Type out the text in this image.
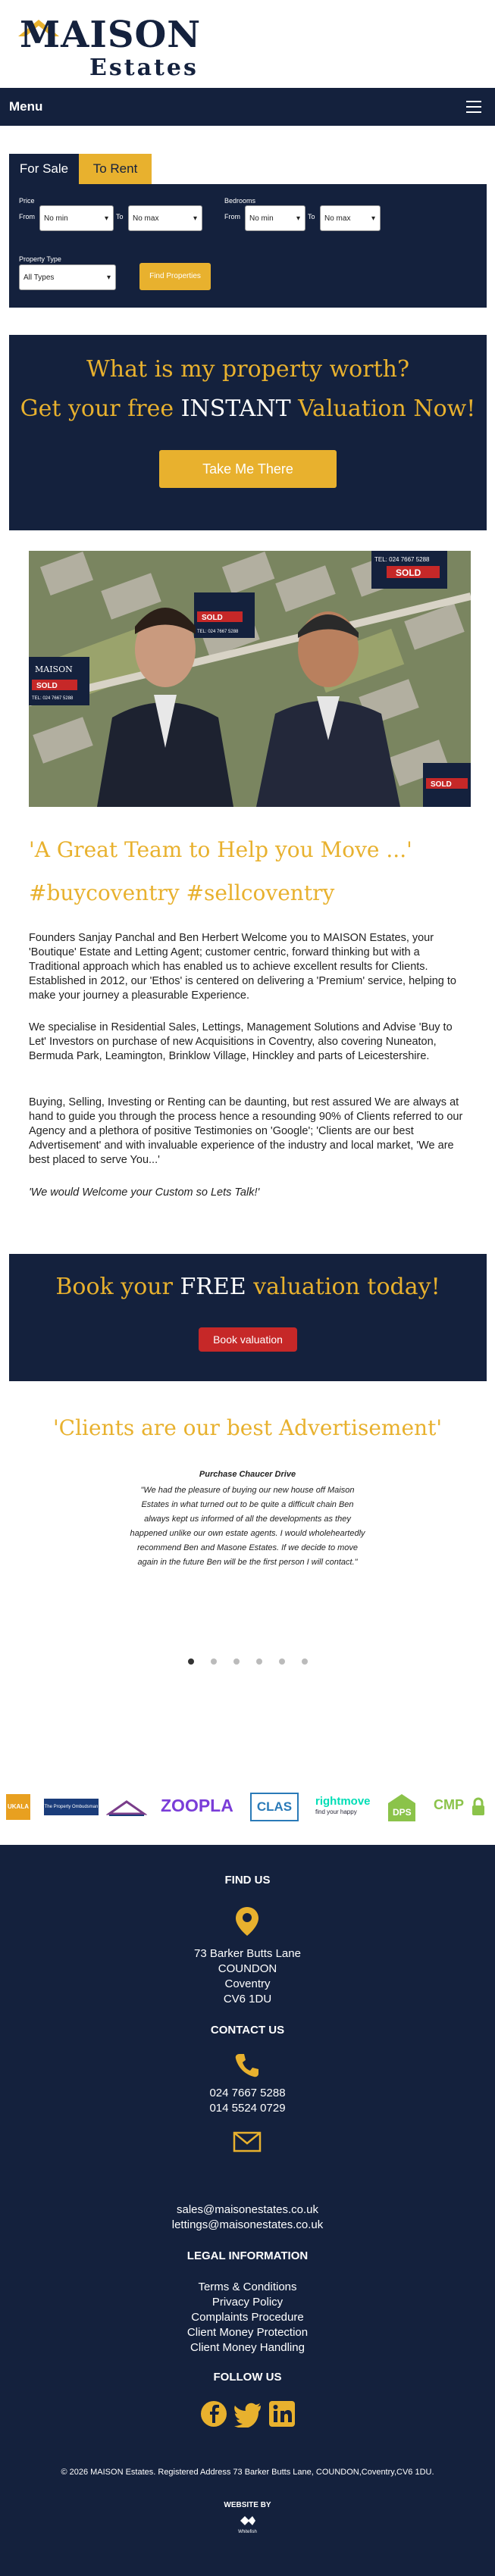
MAISON
Estates
Menu
For Sale	To Rent
Price
From	No min ▾	To	No max ▾
Bedrooms
From	No min ▾	To	No max ▾
Property Type
All Types ▾	Find Properties
What is my property worth?
Get your free INSTANT Valuation Now!
Take Me There
SOLD
MAISON
TEL: 024 7667 5288
SOLD
TEL: 024 7667 5288
TEL: 024 7667 5288
SOLD
SOLD
'A Great Team to Help you Move ...'
#buycoventry #sellcoventry
Founders Sanjay Panchal and Ben Herbert Welcome you to MAISON Estates, your 'Boutique' Estate and Letting Agent; customer centric, forward thinking but with a Traditional approach which has enabled us to achieve excellent results for Clients. Established in 2012, our 'Ethos' is centered on delivering a 'Premium' service, helping to make your journey a pleasurable Experience.
We specialise in Residential Sales, Lettings, Management Solutions and Advise 'Buy to Let' Investors on purchase of new Acquisitions in Coventry, also covering Nuneaton, Bermuda Park, Leamington, Brinklow Village, Hinckley and parts of Leicestershire.
Buying, Selling, Investing or Renting can be daunting, but rest assured We are always at hand to guide you through the process hence a resounding 90% of Clients referred to our Agency and a plethora of positive Testimonies on 'Google'; 'Clients are our best Advertisement' and with invaluable experience of the industry and local market, 'We are best placed to serve You...'
'We would Welcome your Custom so Lets Talk!'
Book your FREE valuation today!
Book valuation
'Clients are our best Advertisement'
Purchase Chaucer Drive
"We had the pleasure of buying our new house off Maison Estates in what turned out to be quite a difficult chain Ben always kept us informed of all the developments as they happened unlike our own estate agents. I would wholeheartedly recommend Ben and Masone Estates. If we decide to move again in the future Ben will be the first person I will contact."
UKALA	The Property Ombudsman	ZOOPLA	CLAS	rightmove
find your happy	DPS CMP
FIND US
73 Barker Butts Lane
COUNDON
Coventry
CV6 1DU
CONTACT US
024 7667 5288
014 5524 0729
sales@maisonestates.co.uk
lettings@maisonestates.co.uk
LEGAL INFORMATION
Terms & Conditions
Privacy Policy
Complaints Procedure
Client Money Protection
Client Money Handling
FOLLOW US
© 2026 MAISON Estates. Registered Address 73 Barker Butts Lane, COUNDON,Coventry,CV6 1DU.
WEBSITE BY
Whitefish
